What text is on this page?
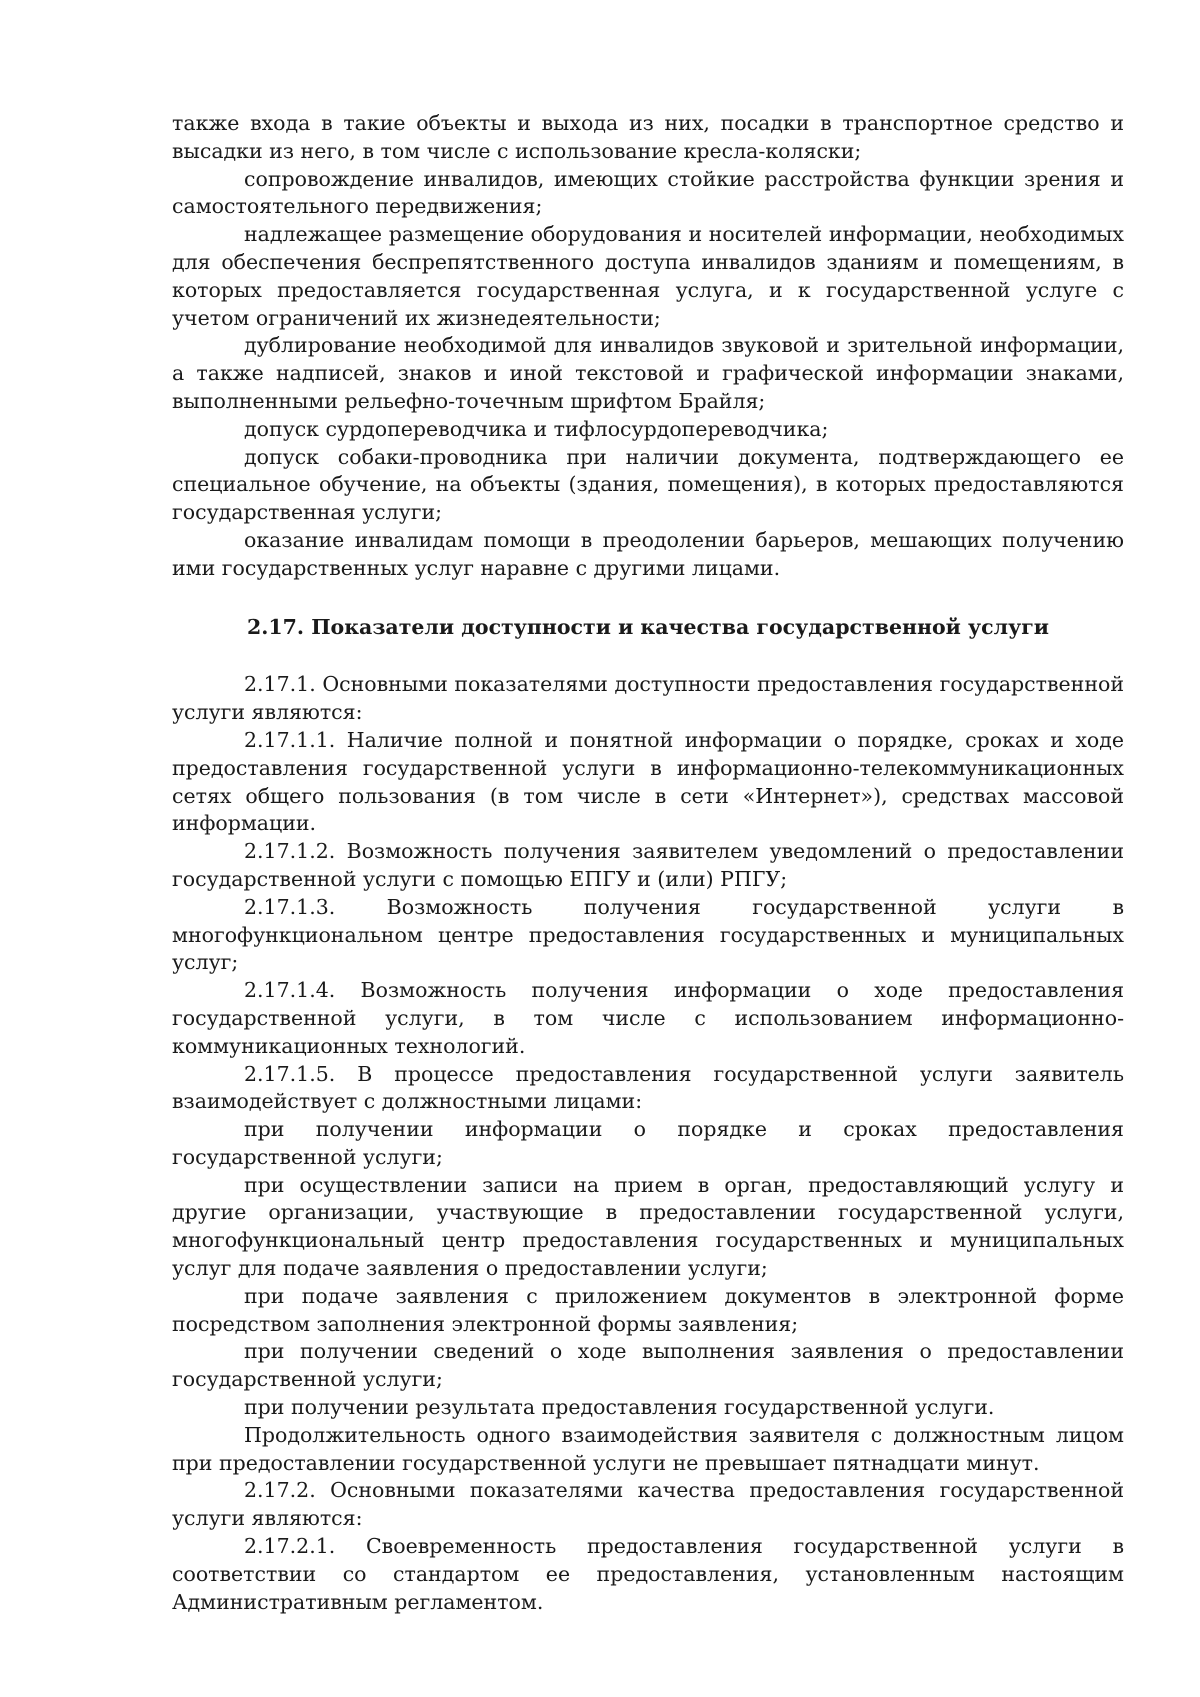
также входа в такие объекты и выхода из них, посадки в транспортное средство и высадки из него, в том числе с использование кресла-коляски;

сопровождение инвалидов, имеющих стойкие расстройства функции зрения и самостоятельного передвижения;

надлежащее размещение оборудования и носителей информации, необходимых для обеспечения беспрепятственного доступа инвалидов зданиям и помещениям, в которых предоставляется государственная услуга, и к государственной услуге с учетом ограничений их жизнедеятельности;

дублирование необходимой для инвалидов звуковой и зрительной информации, а также надписей, знаков и иной текстовой и графической информации знаками, выполненными рельефно-точечным шрифтом Брайля;

допуск сурдопереводчика и тифлосурдопереводчика;

допуск собаки-проводника при наличии документа, подтверждающего ее специальное обучение, на объекты (здания, помещения), в которых предоставляются государственная услуги;

оказание инвалидам помощи в преодолении барьеров, мешающих получению ими государственных услуг наравне с другими лицами.

2.17. Показатели доступности и качества государственной услуги

2.17.1. Основными показателями доступности предоставления государственной услуги являются:

2.17.1.1. Наличие полной и понятной информации о порядке, сроках и ходе предоставления государственной услуги в информационно-телекоммуникационных сетях общего пользования (в том числе в сети «Интернет»), средствах массовой информации.

2.17.1.2. Возможность получения заявителем уведомлений о предоставлении государственной услуги с помощью ЕПГУ и (или) РПГУ;

2.17.1.3. Возможность получения государственной услуги в многофункциональном центре предоставления государственных и муниципальных услуг;

2.17.1.4. Возможность получения информации о ходе предоставления государственной услуги, в том числе с использованием информационно-коммуникационных технологий.

2.17.1.5. В процессе предоставления государственной услуги заявитель взаимодействует с должностными лицами:

при получении информации о порядке и сроках предоставления государственной услуги;

при осуществлении записи на прием в орган, предоставляющий услугу и другие организации, участвующие в предоставлении государственной услуги, многофункциональный центр предоставления государственных и муниципальных услуг для подаче заявления о предоставлении услуги;

при подаче заявления с приложением документов в электронной форме посредством заполнения электронной формы заявления;

при получении сведений о ходе выполнения заявления о предоставлении государственной услуги;

при получении результата предоставления государственной услуги.

Продолжительность одного взаимодействия заявителя с должностным лицом при предоставлении государственной услуги не превышает пятнадцати минут.

2.17.2. Основными показателями качества предоставления государственной услуги являются:

2.17.2.1. Своевременность предоставления государственной услуги в соответствии со стандартом ее предоставления, установленным настоящим Административным регламентом.
